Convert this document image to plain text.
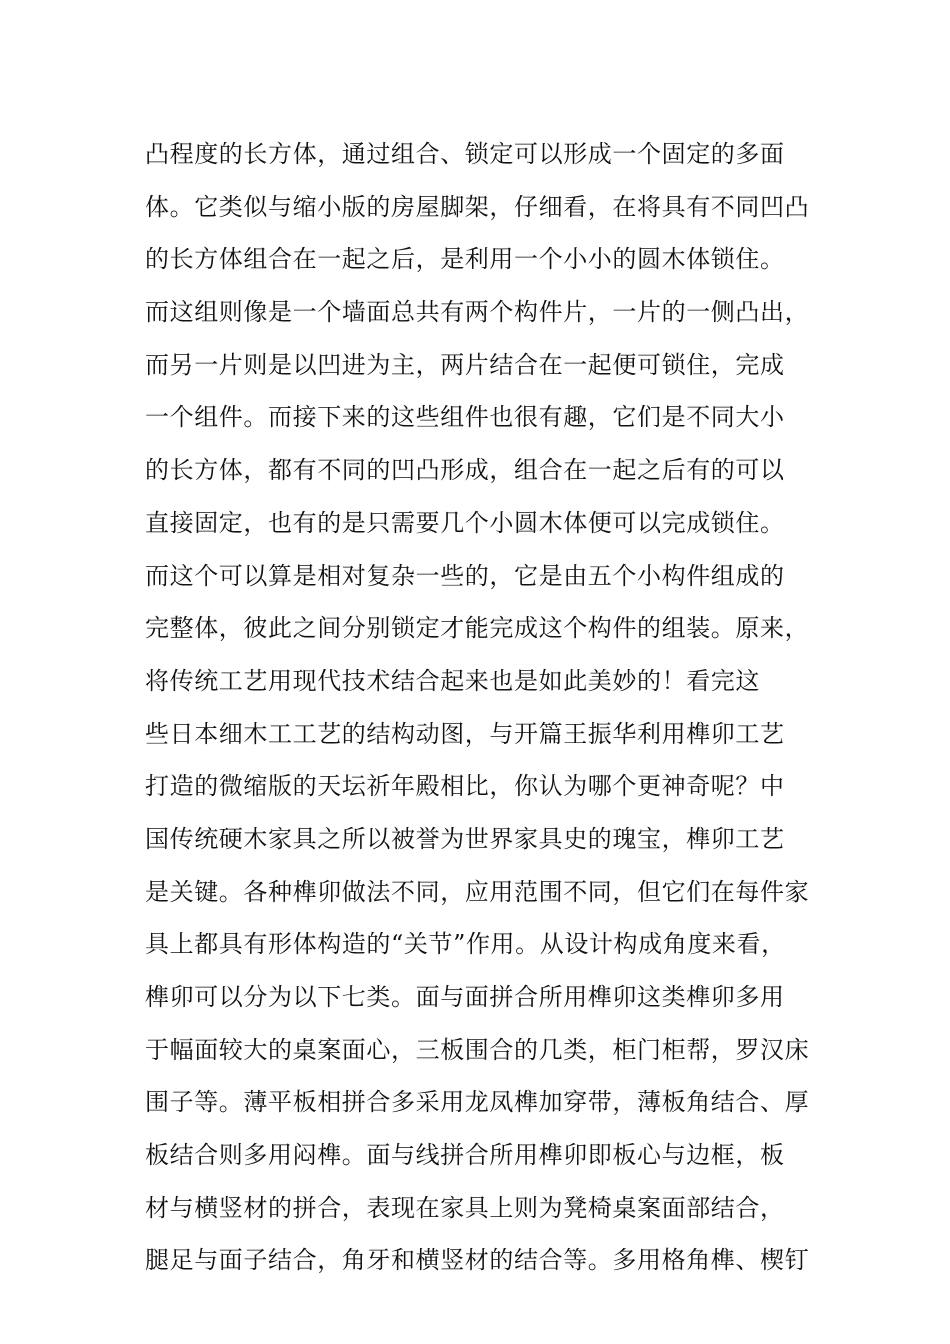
凸程度的长方体，通过组合、锁定可以形成一个固定的多面
体。它类似与缩小版的房屋脚架，仔细看，在将具有不同凹凸
的长方体组合在一起之后，是利用一个小小的圆木体锁住。
而这组则像是一个墙面总共有两个构件片，一片的一侧凸出，
而另一片则是以凹进为主，两片结合在一起便可锁住，完成
一个组件。而接下来的这些组件也很有趣，它们是不同大小
的长方体，都有不同的凹凸形成，组合在一起之后有的可以
直接固定，也有的是只需要几个小圆木体便可以完成锁住。
而这个可以算是相对复杂一些的，它是由五个小构件组成的
完整体，彼此之间分别锁定才能完成这个构件的组装。原来，
将传统工艺用现代技术结合起来也是如此美妙的！看完这
些日本细木工工艺的结构动图，与开篇王振华利用榫卯工艺
打造的微缩版的天坛祈年殿相比，你认为哪个更神奇呢？中
国传统硬木家具之所以被誉为世界家具史的瑰宝，榫卯工艺
是关键。各种榫卯做法不同，应用范围不同，但它们在每件家
具上都具有形体构造的“关节”作用。从设计构成角度来看，
榫卯可以分为以下七类。面与面拼合所用榫卯这类榫卯多用
于幅面较大的桌案面心，三板围合的几类，柜门柜帮，罗汉床
围子等。薄平板相拼合多采用龙凤榫加穿带，薄板角结合、厚
板结合则多用闷榫。面与线拼合所用榫卯即板心与边框，板
材与横竖材的拼合，表现在家具上则为凳椅桌案面部结合，
腿足与面子结合，角牙和横竖材的结合等。多用格角榫、楔钉
